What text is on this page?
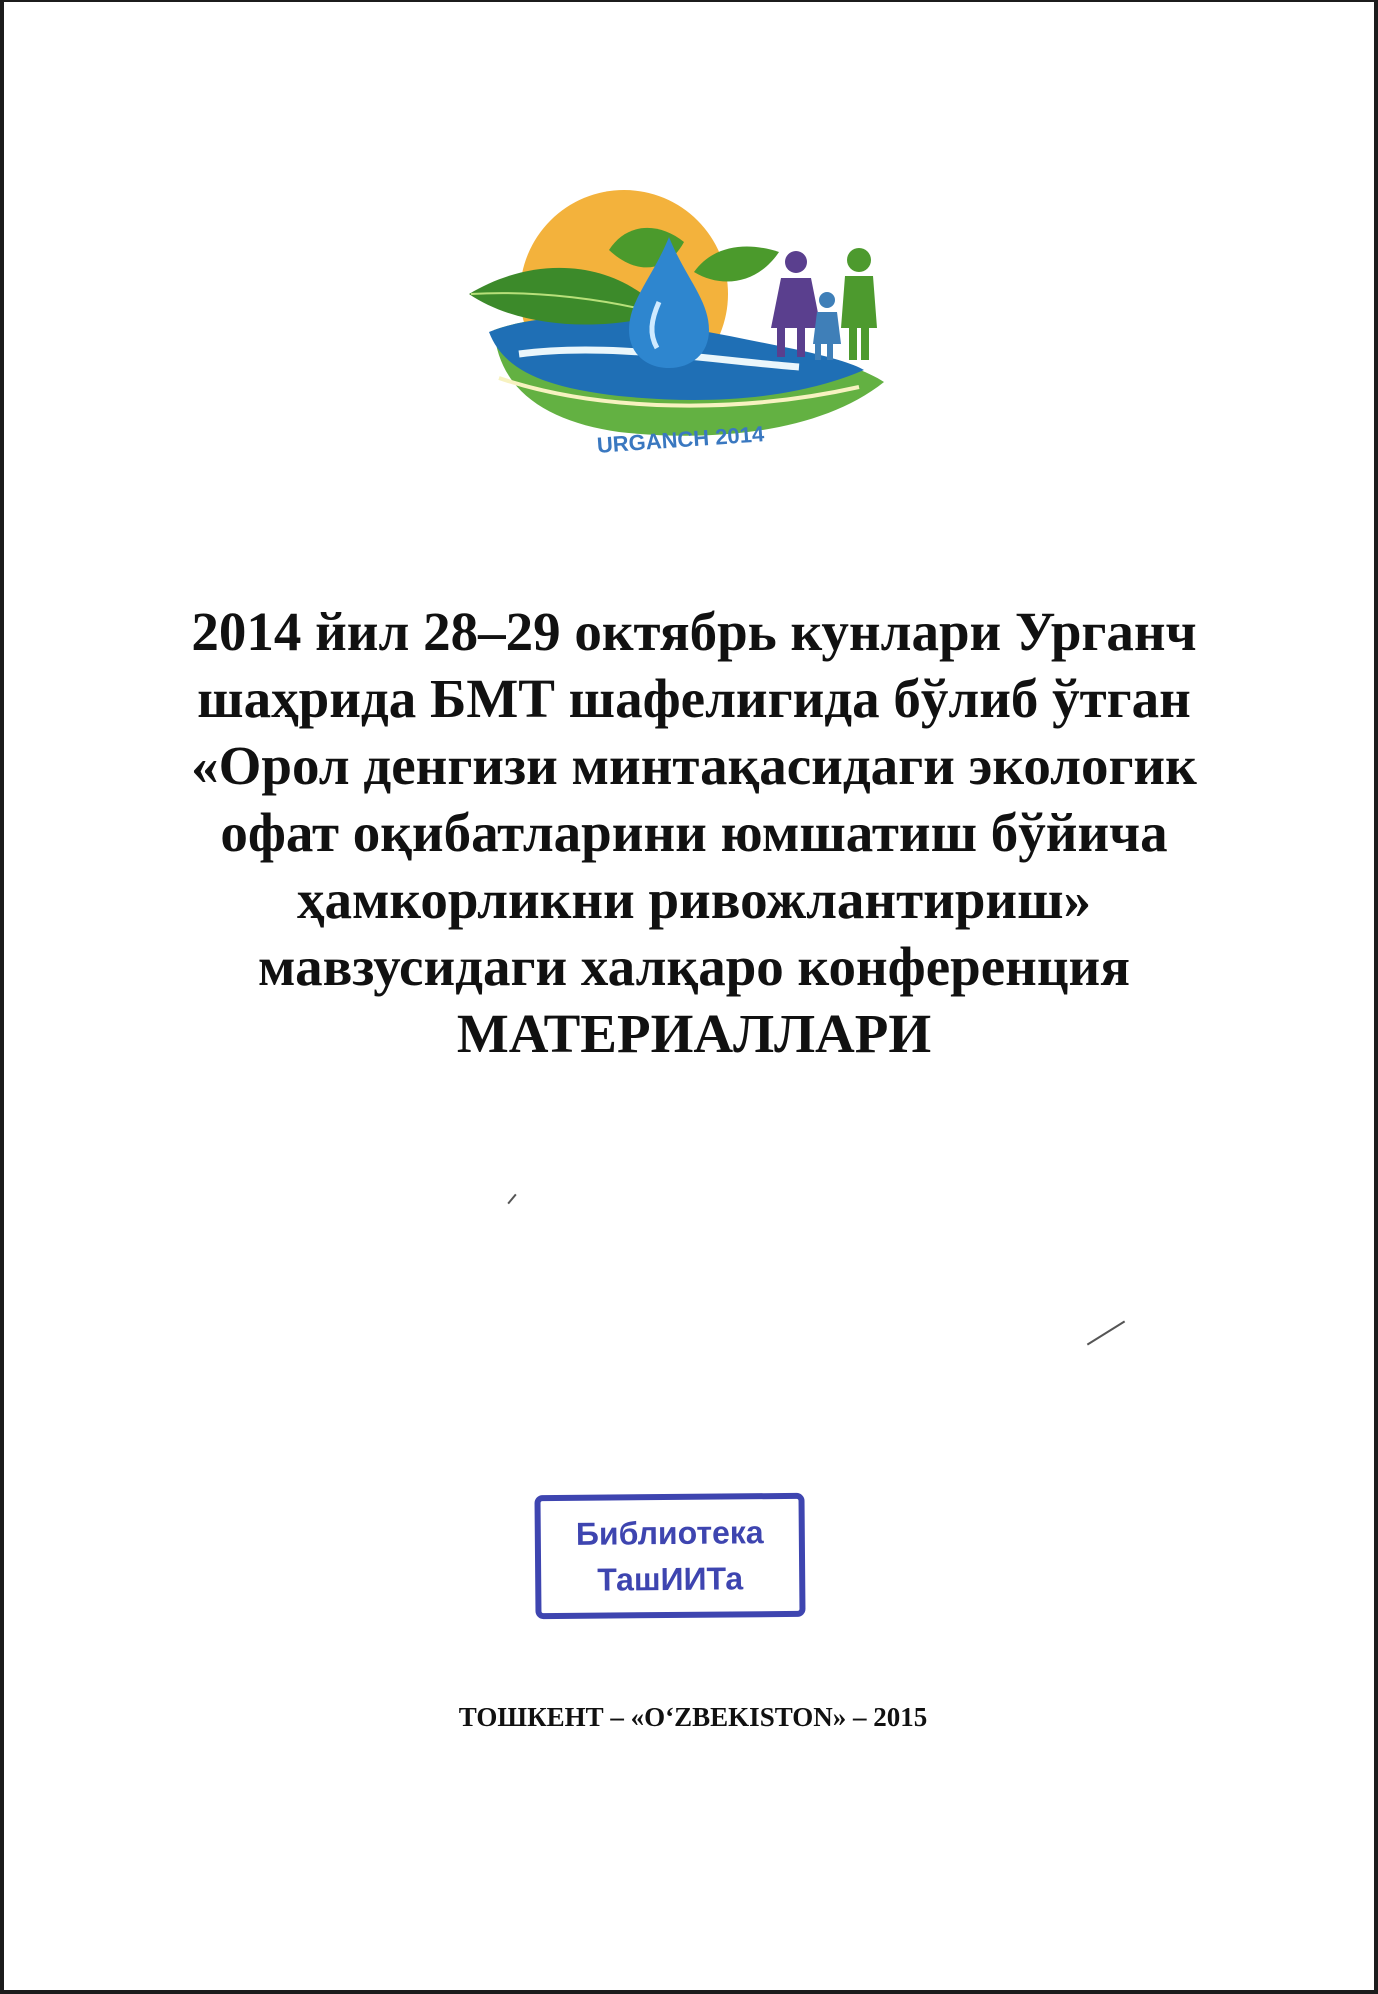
URGANCH 2014
2014 йил 28–29 октябрь кунлари Урганч
шаҳрида БМТ шафелигида бўлиб ўтган
«Орол денгизи минтақасидаги экологик
офат оқибатларини юмшатиш бўйича
ҳамкорликни ривожлантириш»
мавзусидаги халқаро конференция
МАТЕРИАЛЛАРИ
Библиотека
ТашИИТа
ТОШКЕНТ – «O‘ZBEKISTON» – 2015
